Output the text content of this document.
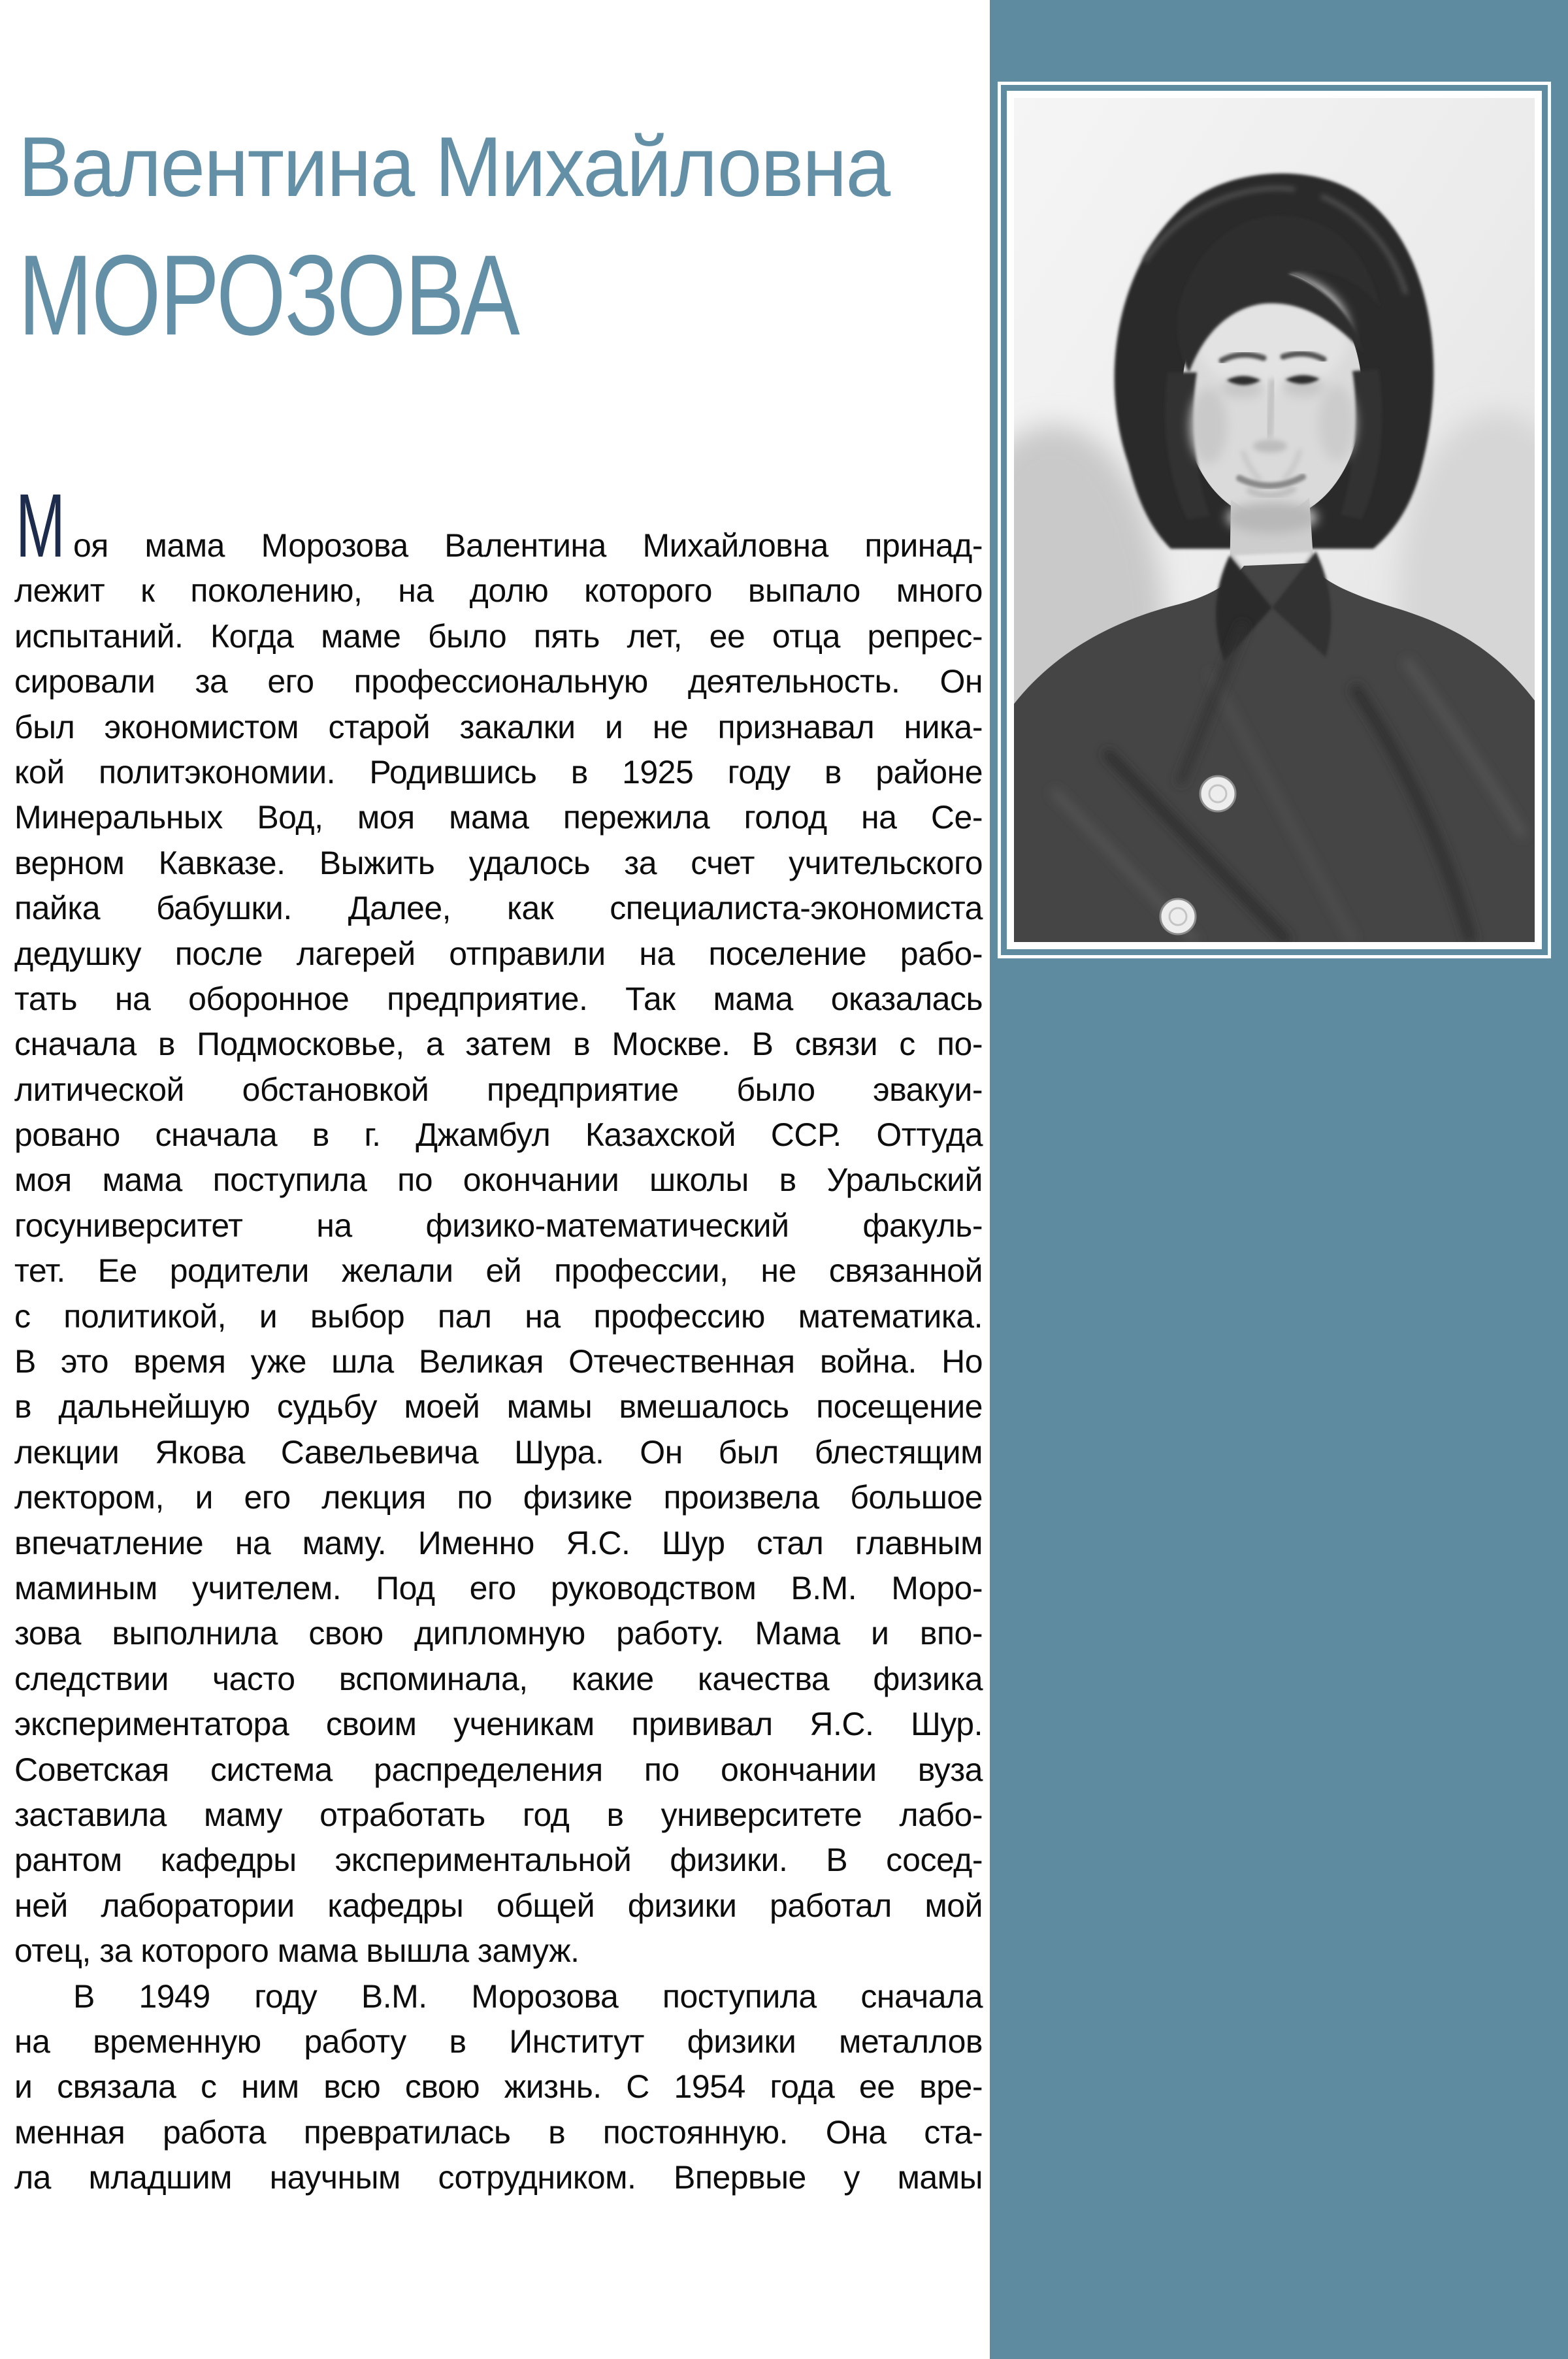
Валентина Михайловна
МОРОЗОВА
М оя мама Морозова Валентина Михайловна принад-
лежит к поколению, на долю которого выпало много
испытаний. Когда маме было пять лет, ее отца репрес-
сировали за его профессиональную деятельность. Он
был экономистом старой закалки и не признавал ника-
кой политэкономии. Родившись в 1925 году в районе
Минеральных Вод, моя мама пережила голод на Се-
верном Кавказе. Выжить удалось за счет учительского
пайка бабушки. Далее, как специалиста-экономиста
дедушку после лагерей отправили на поселение рабо-
тать на оборонное предприятие. Так мама оказалась
сначала в Подмосковье, а затем в Москве. В связи с по-
литической обстановкой предприятие было эвакуи-
ровано сначала в г. Джамбул Казахской ССР. Оттуда
моя мама поступила по окончании школы в Уральский
госуниверситет на физико-математический факуль-
тет. Ее родители желали ей профессии, не связанной
с политикой, и выбор пал на профессию математика.
В это время уже шла Великая Отечественная война. Но
в дальнейшую судьбу моей мамы вмешалось посещение
лекции Якова Савельевича Шура. Он был блестящим
лектором, и его лекция по физике произвела большое
впечатление на маму. Именно Я.С. Шур стал главным
маминым учителем. Под его руководством В.М. Моро-
зова выполнила свою дипломную работу. Мама и впо-
следствии часто вспоминала, какие качества физика
экспериментатора своим ученикам прививал Я.С. Шур.
Советская система распределения по окончании вуза
заставила маму отработать год в университете лабо-
рантом кафедры экспериментальной физики. В сосед-
ней лаборатории кафедры общей физики работал мой
отец, за которого мама вышла замуж.
В 1949 году В.М. Морозова поступила сначала
на временную работу в Институт физики металлов
и связала с ним всю свою жизнь. С 1954 года ее вре-
менная работа превратилась в постоянную. Она ста-
ла младшим научным сотрудником. Впервые у мамы
